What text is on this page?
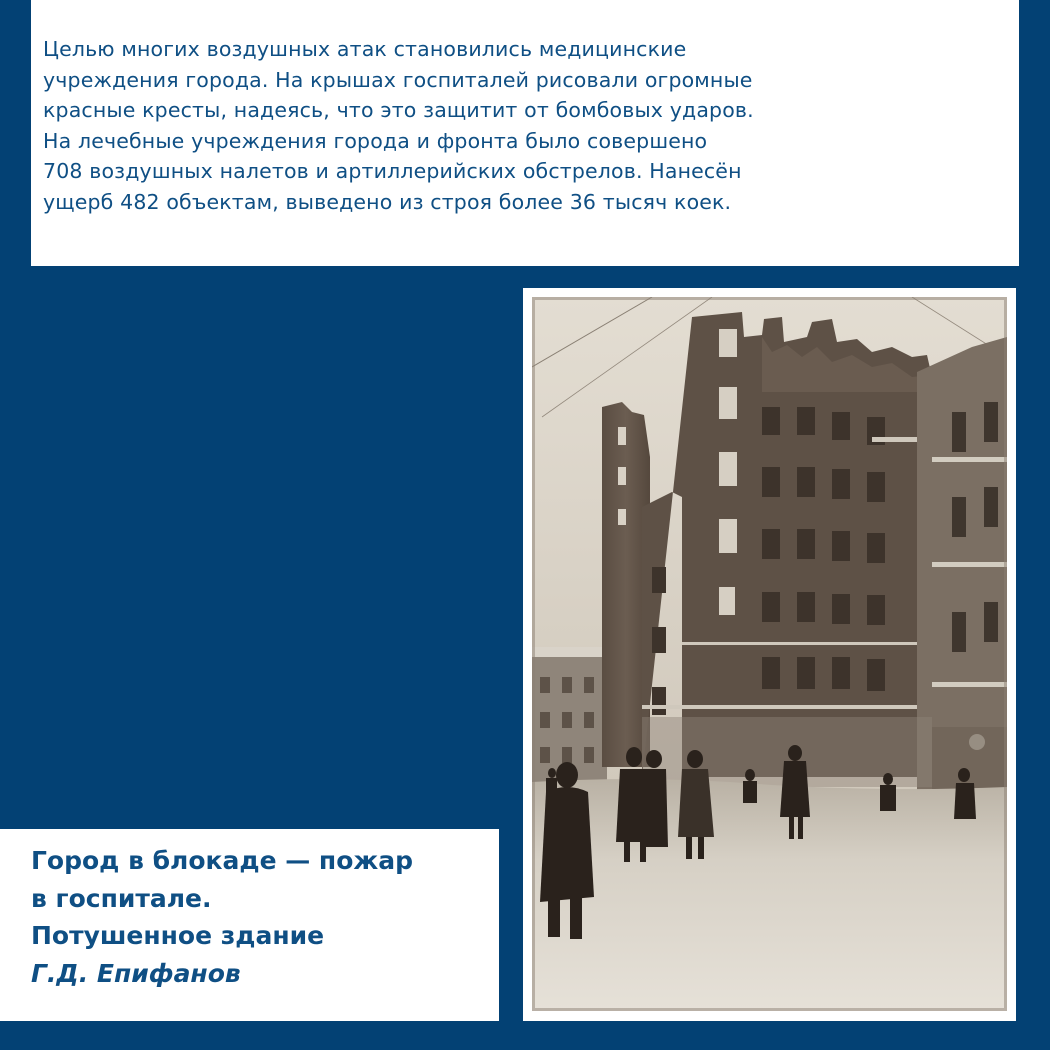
Целью многих воздушных атак становились медицинские

учреждения города. На крышах госпиталей рисовали огромные

красные кресты, надеясь, что это защитит от бомбовых ударов.

На лечебные учреждения города и фронта было совершено

708 воздушных налетов и артиллерийских обстрелов. Нанесён

ущерб 482 объектам, выведено из строя более 36 тысяч коек.

Город в блокаде — пожар
в госпитале.
Потушенное здание
Г.Д. Епифанов
